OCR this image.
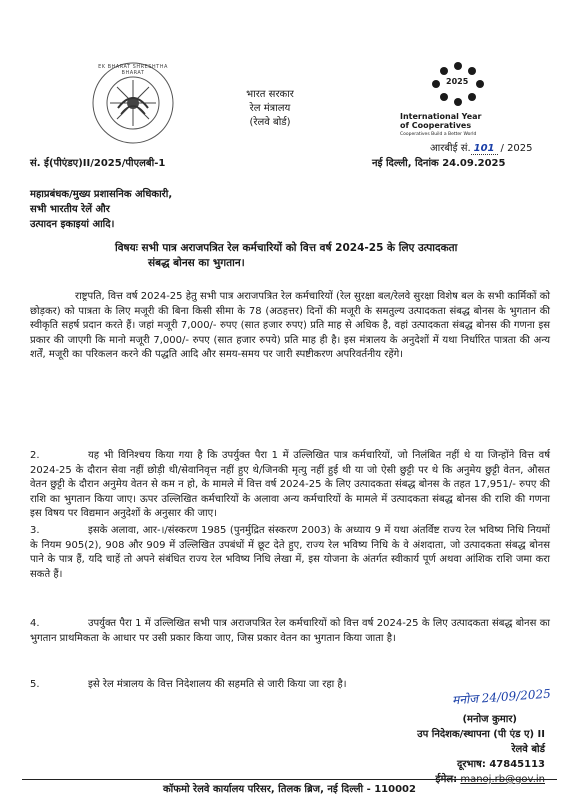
EK BHARAT SHRESHTHA BHARAT
भारत सरकार
रेल मंत्रालय
(रेलवे बोर्ड)
2025
International Year
of Cooperatives
Cooperatives Build a Better World
आरबीई सं. 101 / 2025
सं. ई(पीएंडए)II/2025/पीएलबी-1	नई दिल्ली, दिनांक 24.09.2025
महाप्रबंधक/मुख्य प्रशासनिक अधिकारी,
सभी भारतीय रेलें और
उत्पादन इकाइयां आदि।
विषयः सभी पात्र अराजपत्रित रेल कर्मचारियों को वित्त वर्ष 2024-25 के लिए उत्पादकता
संबद्ध बोनस का भुगतान।
राष्ट्रपति, वित्त वर्ष 2024-25 हेतु सभी पात्र अराजपत्रित रेल कर्मचारियों (रेल सुरक्षा बल/रेलवे सुरक्षा विशेष बल के सभी कार्मिकों को छोड़कर) को पात्रता के लिए मजूरी की बिना किसी सीमा के 78 (अठहत्तर) दिनों की मजूरी के समतुल्य उत्पादकता संबद्ध बोनस के भुगतान की स्वीकृति सहर्ष प्रदान करते हैं। जहां मजूरी 7,000/- रुपए (सात हजार रुपए) प्रति माह से अधिक है, वहां उत्पादकता संबद्ध बोनस की गणना इस प्रकार की जाएगी कि मानो मजूरी 7,000/- रुपए (सात हजार रुपये) प्रति माह ही है। इस मंत्रालय के अनुदेशों में यथा निर्धारित पात्रता की अन्य शर्तें, मजूरी का परिकलन करने की पद्धति आदि और समय-समय पर जारी स्पष्टीकरण अपरिवर्तनीय रहेंगे।
2.	यह भी विनिश्चय किया गया है कि उपर्युक्त पैरा 1 में उल्लिखित पात्र कर्मचारियों, जो निलंबित नहीं थे या जिन्होंने वित्त वर्ष 2024-25 के दौरान सेवा नहीं छोड़ी थी/सेवानिवृत्त नहीं हुए थे/जिनकी मृत्यु नहीं हुई थी या जो ऐसी छुट्टी पर थे कि अनुमेय छुट्टी वेतन, औसत वेतन छुट्टी के दौरान अनुमेय वेतन से कम न हो, के मामले में वित्त वर्ष 2024-25 के लिए उत्पादकता संबद्ध बोनस के तहत 17,951/- रुपए की राशि का भुगतान किया जाए। ऊपर उल्लिखित कर्मचारियों के अलावा अन्य कर्मचारियों के मामले में उत्पादकता संबद्ध बोनस की राशि की गणना इस विषय पर विद्यमान अनुदेशों के अनुसार की जाए।
3.	इसके अलावा, आर-।/संस्करण 1985 (पुनर्मुद्रित संस्करण 2003) के अध्याय 9 में यथा अंतर्विष्ट राज्य रेल भविष्य निधि नियमों के नियम 905(2), 908 और 909 में उल्लिखित उपबंधों में छूट देते हुए, राज्य रेल भविष्य निधि के वे अंशदाता, जो उत्पादकता संबद्ध बोनस पाने के पात्र हैं, यदि चाहें तो अपने संबंधित राज्य रेल भविष्य निधि लेखा में, इस योजना के अंतर्गत स्वीकार्य पूर्ण अथवा आंशिक राशि जमा करा सकते हैं।
4.	उपर्युक्त पैरा 1 में उल्लिखित सभी पात्र अराजपत्रित रेल कर्मचारियों को वित्त वर्ष 2024-25 के लिए उत्पादकता संबद्ध बोनस का भुगतान प्राथमिकता के आधार पर उसी प्रकार किया जाए, जिस प्रकार वेतन का भुगतान किया जाता है।
5.	इसे रेल मंत्रालय के वित्त निदेशालय की सहमति से जारी किया जा रहा है।
मनोज 24/09/2025
(मनोज कुमार)
उप निदेशक/स्थापना (पी एंड ए) II
रेलवे बोर्ड
दूरभाष: 47845113
ईमेल: manoj.rb@gov.in
कॉफमो रेलवे कार्यालय परिसर, तिलक ब्रिज, नई दिल्ली - 110002
